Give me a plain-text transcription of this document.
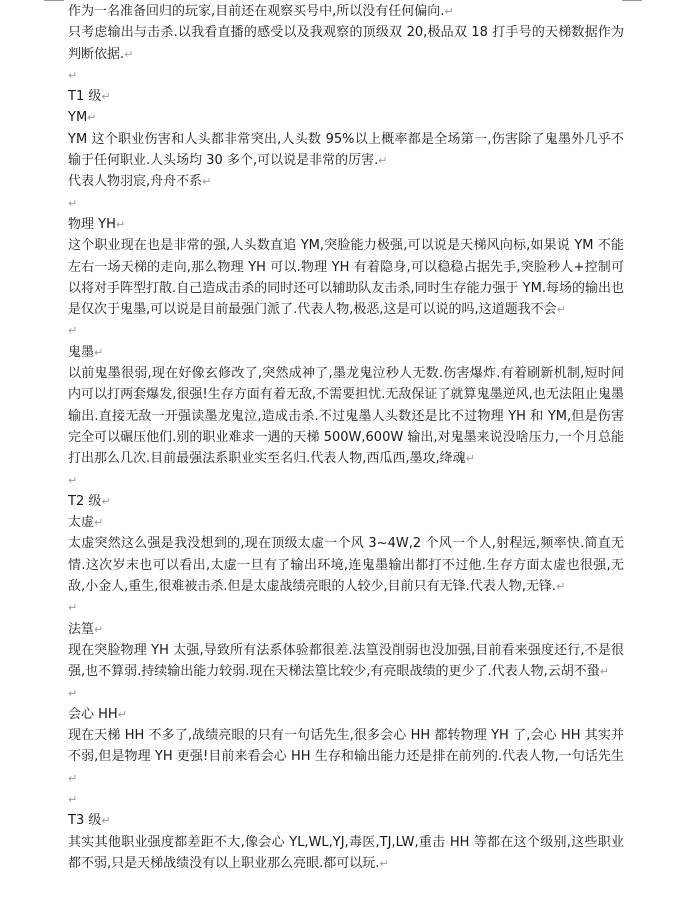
作为一名准备回归的玩家,目前还在观察买号中,所以没有任何偏向.↵

只考虑输出与击杀.以我看直播的感受以及我观察的顶级双 20,极品双 18 打手号的天梯数据作为判断依据.↵

↵

T1 级↵

YM↵

YM 这个职业伤害和人头都非常突出,人头数 95%以上概率都是全场第一,伤害除了鬼墨外几乎不输于任何职业.人头场均 30 多个,可以说是非常的厉害.↵

代表人物羽宸,舟舟不系↵

↵

物理 YH↵

这个职业现在也是非常的强,人头数直追 YM,突脸能力极强,可以说是天梯风向标,如果说 YM 不能左右一场天梯的走向,那么物理 YH 可以.物理 YH 有着隐身,可以稳稳占据先手,突脸秒人+控制可以将对手阵型打散.自己造成击杀的同时还可以辅助队友击杀,同时生存能力强于 YM.每场的输出也是仅次于鬼墨,可以说是目前最强门派了.代表人物,极恶,这是可以说的吗,这道题我不会↵

↵

鬼墨↵

以前鬼墨很弱,现在好像玄修改了,突然成神了,墨龙鬼泣秒人无数.伤害爆炸.有着刷新机制,短时间内可以打两套爆发,很强!生存方面有着无敌,不需要担忧.无敌保证了就算鬼墨逆风,也无法阻止鬼墨输出.直接无敌一开强读墨龙鬼泣,造成击杀.不过鬼墨人头数还是比不过物理 YH 和 YM,但是伤害完全可以碾压他们.别的职业难求一遇的天梯 500W,600W 输出,对鬼墨来说没啥压力,一个月总能打出那么几次.目前最强法系职业实至名归.代表人物,西瓜西,墨攻,绛魂↵

↵

T2 级↵

太虚↵

太虚突然这么强是我没想到的,现在顶级太虚一个风 3~4W,2 个风一个人,射程远,频率快.简直无情.这次岁末也可以看出,太虚一旦有了输出环境,连鬼墨输出都打不过他.生存方面太虚也很强,无敌,小金人,重生,很难被击杀.但是太虚战绩亮眼的人较少,目前只有无锋.代表人物,无锋.↵

↵

法篁↵

现在突脸物理 YH 太强,导致所有法系体验都很差.法篁没削弱也没加强,目前看来强度还行,不是很强,也不算弱.持续输出能力较弱.现在天梯法篁比较少,有亮眼战绩的更少了.代表人物,云胡不蛩↵

↵

会心 HH↵

现在天梯 HH 不多了,战绩亮眼的只有一句话先生,很多会心 HH 都转物理 YH 了,会心 HH 其实并不弱,但是物理 YH 更强!目前来看会心 HH 生存和输出能力还是排在前列的.代表人物,一句话先生↵

↵

T3 级↵

其实其他职业强度都差距不大,像会心 YL,WL,YJ,毒医,TJ,LW,重击 HH 等都在这个级别,这些职业都不弱,只是天梯战绩没有以上职业那么亮眼.都可以玩.↵
